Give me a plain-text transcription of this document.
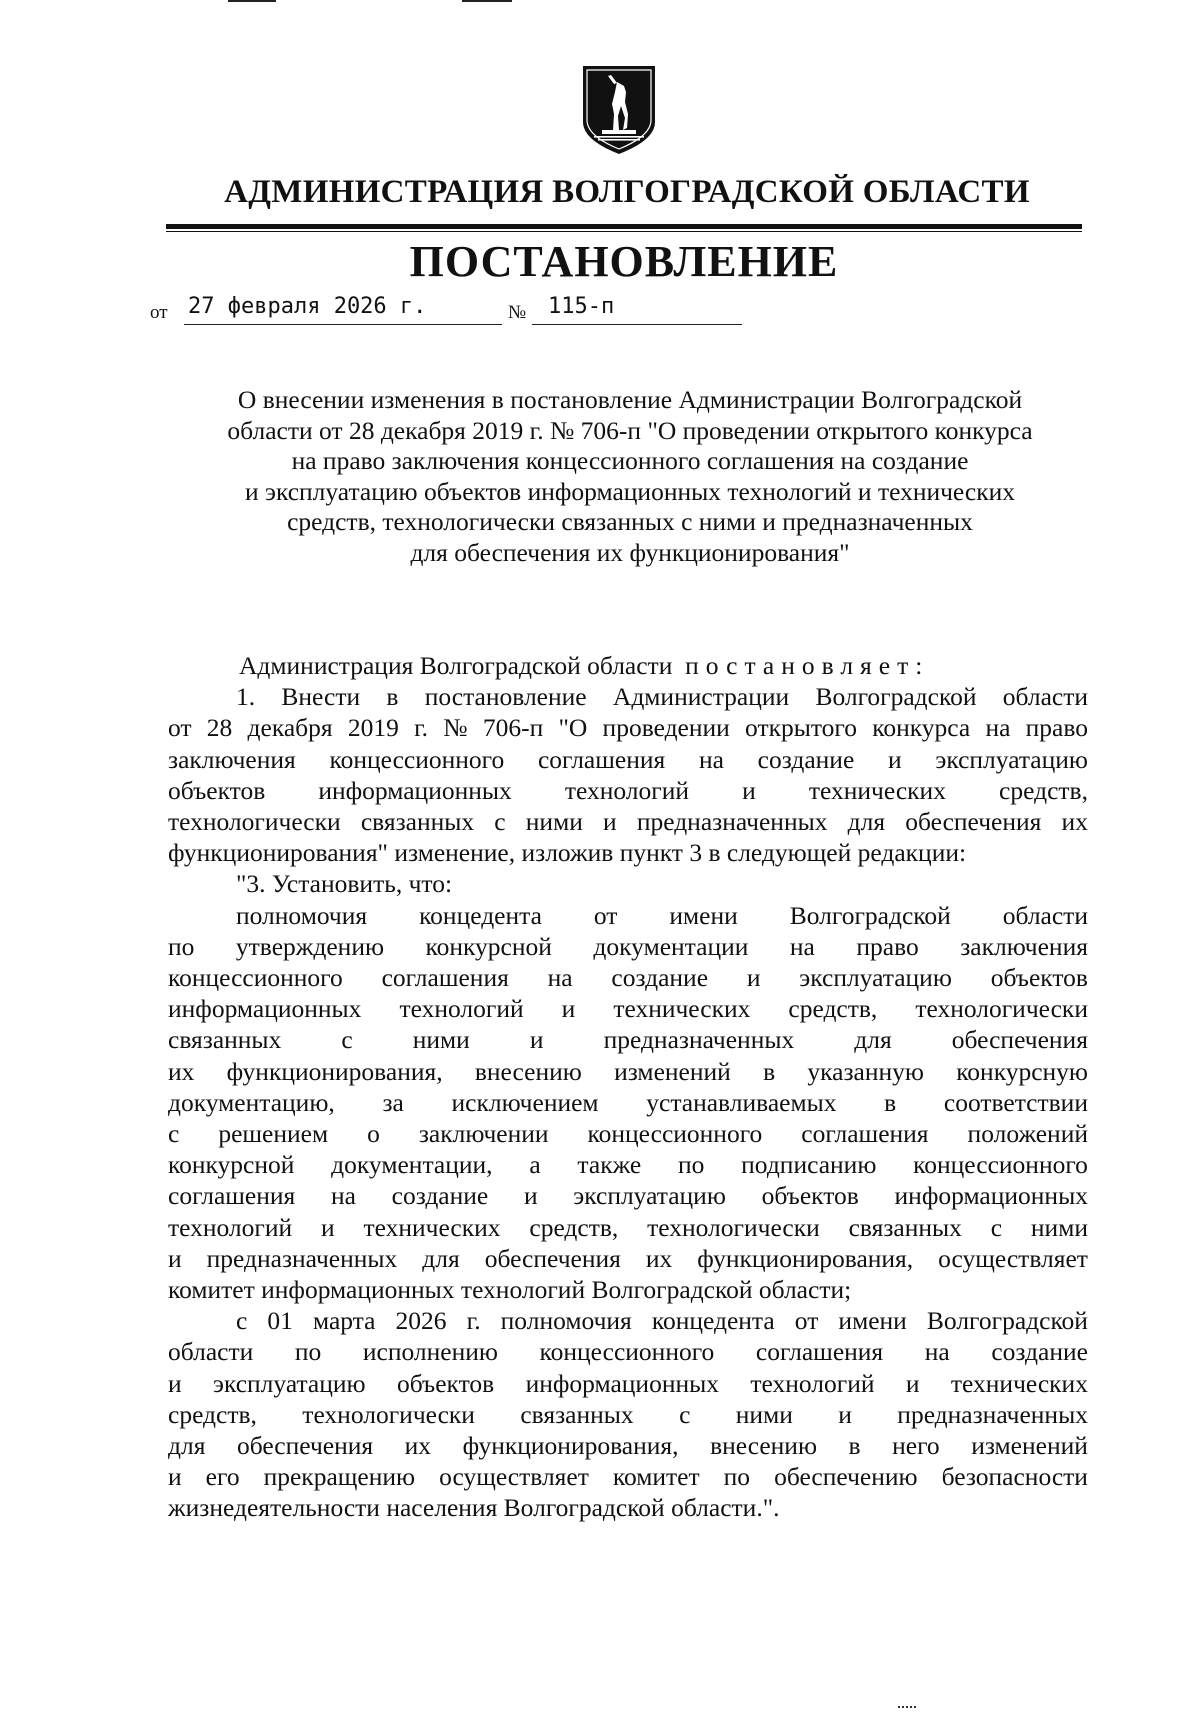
АДМИНИСТРАЦИЯ ВОЛГОГРАДСКОЙ ОБЛАСТИ
ПОСТАНОВЛЕНИЕ
от 27 февраля 2026 г.	№ 115-п
О внесении изменения в постановление Администрации Волгоградской
области от 28 декабря 2019 г. № 706-п "О проведении открытого конкурса
на право заключения концессионного соглашения на создание
и эксплуатацию объектов информационных технологий и технических
средств, технологически связанных с ними и предназначенных
для обеспечения их функционирования"
Администрация Волгоградской области постановляет:
1. Внести в постановление Администрации Волгоградской области
от 28 декабря 2019 г. № 706-п "О проведении открытого конкурса на право
заключения концессионного соглашения на создание и эксплуатацию
объектов информационных технологий и технических средств,
технологически связанных с ними и предназначенных для обеспечения их
функционирования" изменение, изложив пункт 3 в следующей редакции:
"3. Установить, что:
полномочия концедента от имени Волгоградской области
по утверждению конкурсной документации на право заключения
концессионного соглашения на создание и эксплуатацию объектов
информационных технологий и технических средств, технологически
связанных с ними и предназначенных для обеспечения
их функционирования, внесению изменений в указанную конкурсную
документацию, за исключением устанавливаемых в соответствии
с решением о заключении концессионного соглашения положений
конкурсной документации, а также по подписанию концессионного
соглашения на создание и эксплуатацию объектов информационных
технологий и технических средств, технологически связанных с ними
и предназначенных для обеспечения их функционирования, осуществляет
комитет информационных технологий Волгоградской области;
с 01 марта 2026 г. полномочия концедента от имени Волгоградской
области по исполнению концессионного соглашения на создание
и эксплуатацию объектов информационных технологий и технических
средств, технологически связанных с ними и предназначенных
для обеспечения их функционирования, внесению в него изменений
и его прекращению осуществляет комитет по обеспечению безопасности
жизнедеятельности населения Волгоградской области.".
